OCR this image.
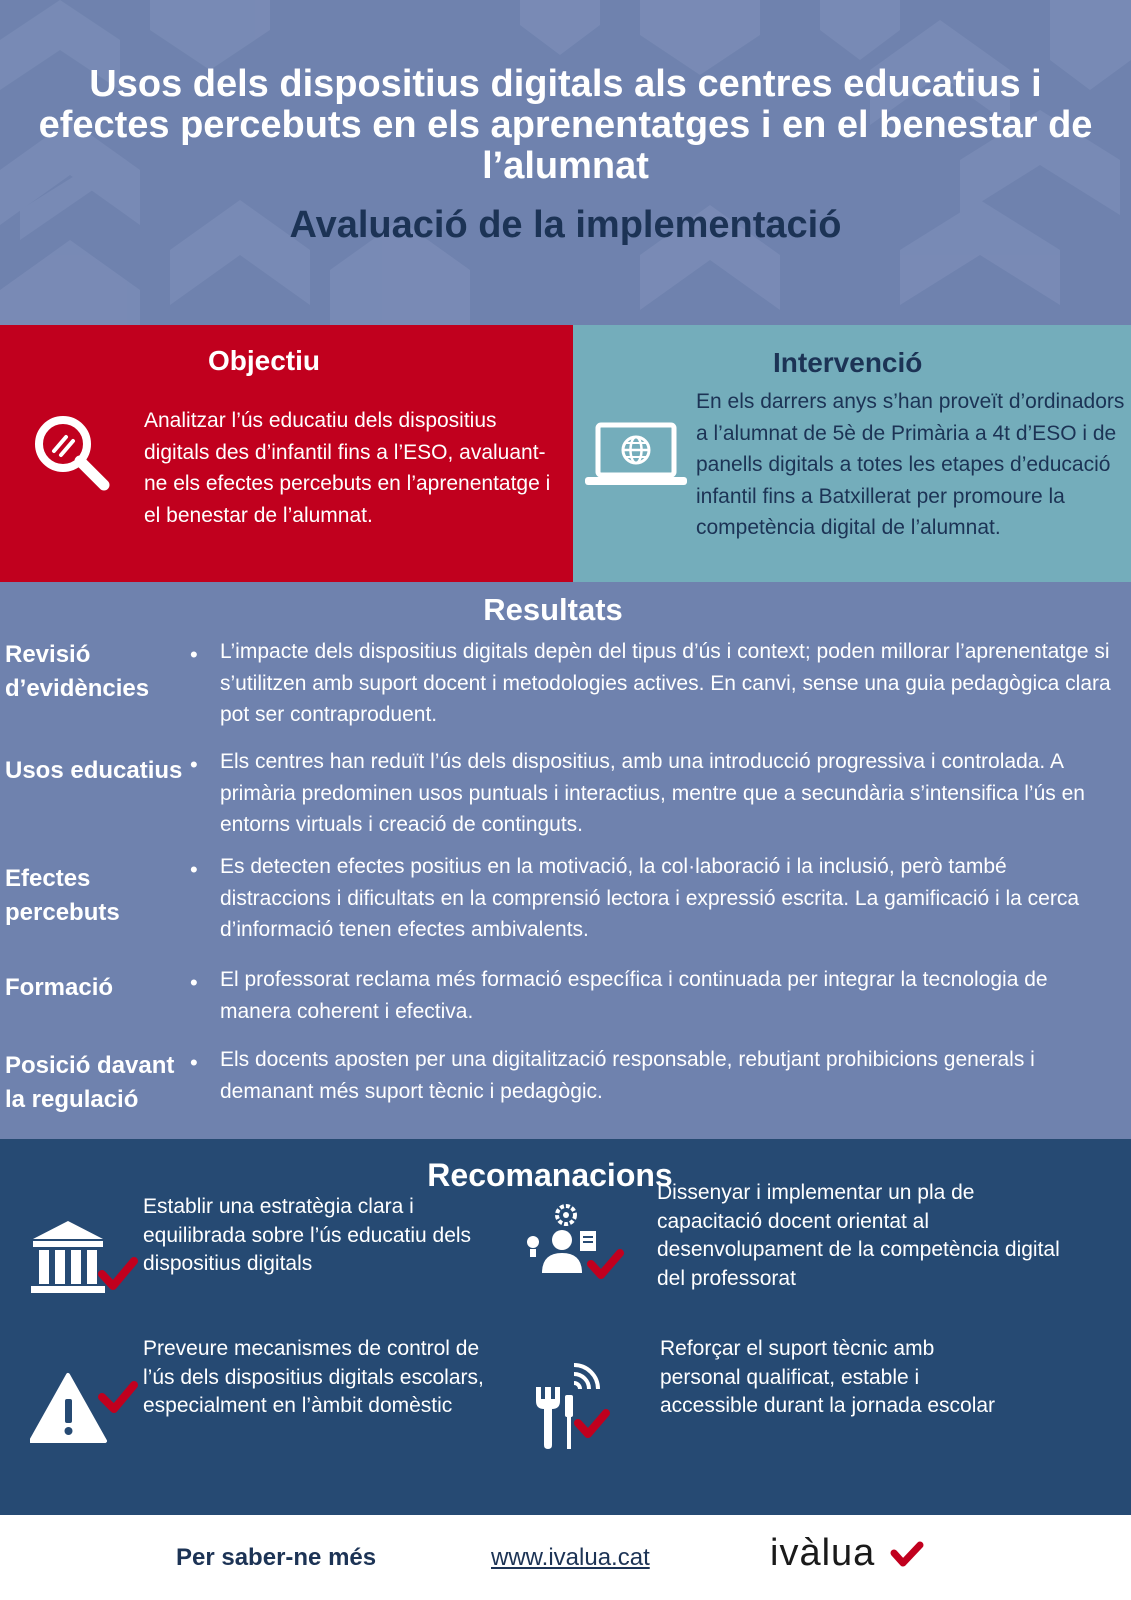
Usos dels dispositius digitals als centres educatius i efectes percebuts en els aprenentatges i en el benestar de l’alumnat
Avaluació de la implementació
Objectiu

Analitzar l’ús educatiu dels dispositius digitals des d’infantil fins a l’ESO, avaluant-ne els efectes percebuts en l’aprenentatge i el benestar de l’alumnat.

Intervenció

En els darrers anys s’han proveït d’ordinadors a l’alumnat de 5è de Primària a 4t d’ESO i de panells digitals a totes les etapes d’educació infantil fins a Batxillerat per promoure la competència digital de l’alumnat.

Resultats

Revisió d’evidències

• L’impacte dels dispositius digitals depèn del tipus d’ús i context; poden millorar l’aprenentatge si s’utilitzen amb suport docent i metodologies actives. En canvi, sense una guia pedagògica clara pot ser contraproduent.

Usos educatius • Els centres han reduït l’ús dels dispositius, amb una introducció progressiva i controlada. A primària predominen usos puntuals i interactius, mentre que a secundària s’intensifica l’ús en entorns virtuals i creació de continguts.

Efectes percebuts

• Es detecten efectes positius en la motivació, la col·laboració i la inclusió, però també distraccions i dificultats en la comprensió lectora i expressió escrita. La gamificació i la cerca d’informació tenen efectes ambivalents.

Formació	• El professorat reclama més formació específica i continuada per integrar la tecnologia de manera coherent i efectiva.

Posició davant la regulació

• Els docents aposten per una digitalització responsable, rebutjant prohibicions generals i demanant més suport tècnic i pedagògic.

Recomanacions

Establir una estratègia clara i equilibrada sobre l’ús educatiu dels dispositius digitals

Dissenyar i implementar un pla de capacitació docent orientat al desenvolupament de la competència digital del professorat

Preveure mecanismes de control de l’ús dels dispositius digitals escolars, especialment en l’àmbit domèstic

Reforçar el suport tècnic amb personal qualificat, estable i accessible durant la jornada escolar

Per saber-ne més	www.ivalua.cat	ivàlua
